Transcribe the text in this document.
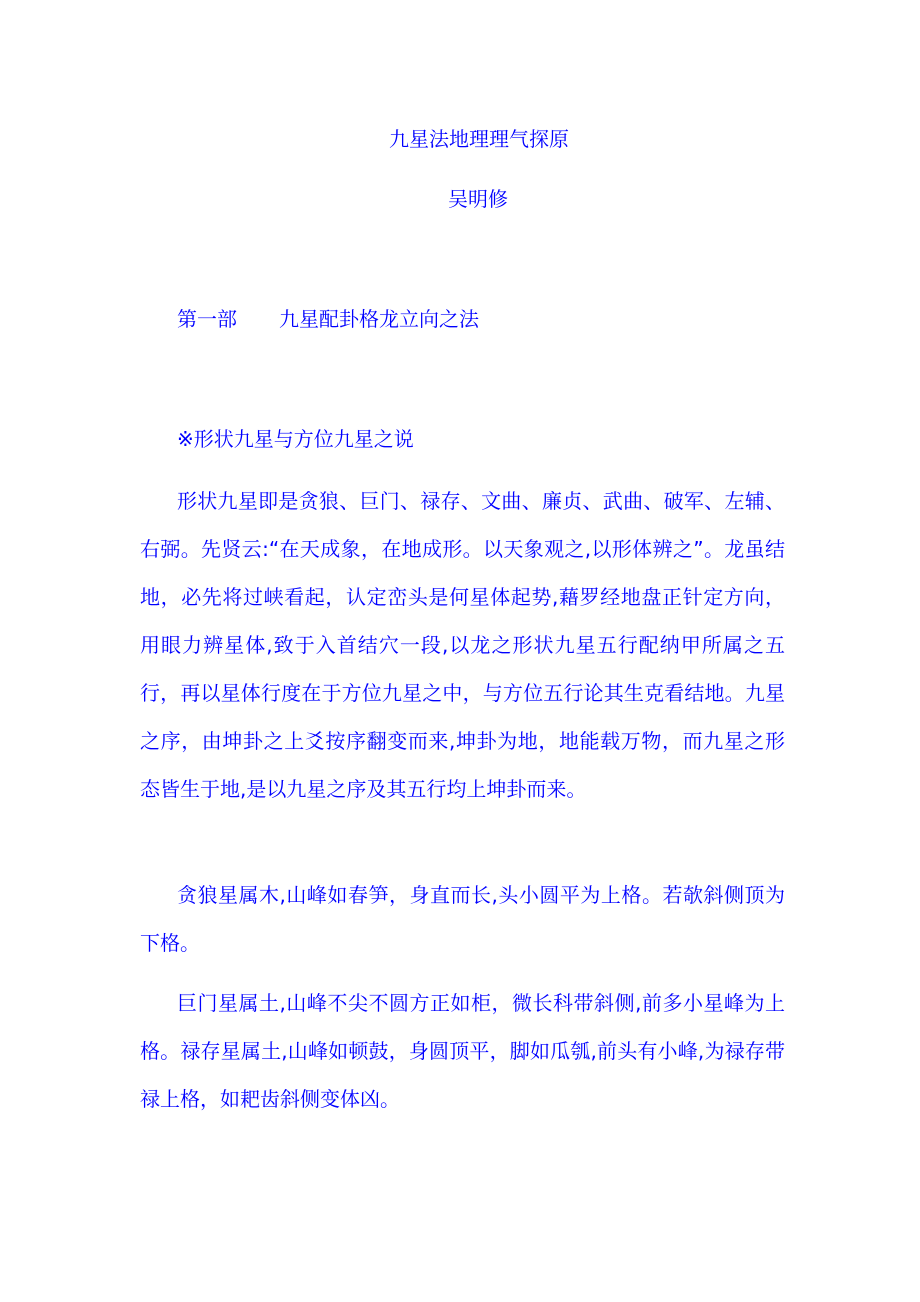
九星法地理理气探原
吴明修
第一部 九星配卦格龙立向之法
※形状九星与方位九星之说

形状九星即是贪狼、巨门、禄存、文曲、廉贞、武曲、破军、左辅、右弼。先贤云:“在天成象，在地成形。以天象观之,以形体辨之”。龙虽结地，必先将过峡看起，认定峦头是何星体起势,藉罗经地盘正针定方向，用眼力辨星体,致于入首结穴一段,以龙之形状九星五行配纳甲所属之五行，再以星体行度在于方位九星之中，与方位五行论其生克看结地。九星之序，由坤卦之上爻按序翻变而来,坤卦为地，地能载万物，而九星之形态皆生于地,是以九星之序及其五行均上坤卦而来。

贪狼星属木,山峰如春笋，身直而长,头小圆平为上格。若欹斜侧顶为下格。

巨门星属土,山峰不尖不圆方正如柜，微长科带斜侧,前多小星峰为上格。禄存星属土,山峰如顿鼓，身圆顶平，脚如瓜瓠,前头有小峰,为禄存带禄上格，如耙齿斜侧变体凶。
